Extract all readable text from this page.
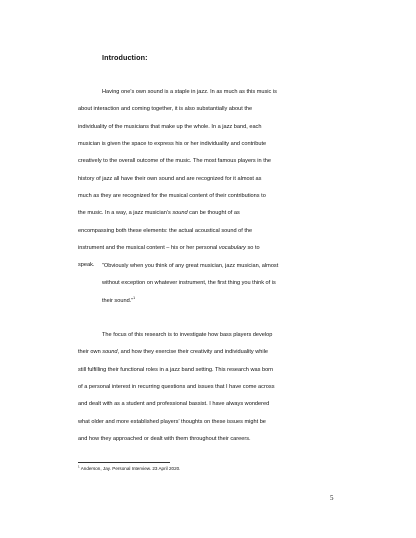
Introduction:

Having one’s own sound is a staple in jazz. In as much as this music is
about interaction and coming together, it is also substantially about the
individuality of the musicians that make up the whole. In a jazz band, each
musician is given the space to express his or her individuality and contribute
creatively to the overall outcome of the music. The most famous players in the
history of jazz all have their own sound and are recognized for it almost as
much as they are recognized for the musical content of their contributions to
the music. In a way, a jazz musician’s sound can be thought of as
encompassing both these elements: the actual acoustical sound of the
instrument and the musical content – his or her personal vocabulary so to
speak.	“Obviously when you think of any great musician, jazz musician, almost
without exception on whatever instrument, the first thing you think of is
their sound.”$^1$

The focus of this research is to investigate how bass players develop
their own sound, and how they exercise their creativity and individuality while
still fulfilling their functional roles in a jazz band setting. This research was born
of a personal interest in recurring questions and issues that I have come across
and dealt with as a student and professional bassist. I have always wondered
what older and more established players’ thoughts on these issues might be
and how they approached or dealt with them throughout their careers.

$^1$ Anderson, Jay. Personal Interview. 23 April 2020.

5
